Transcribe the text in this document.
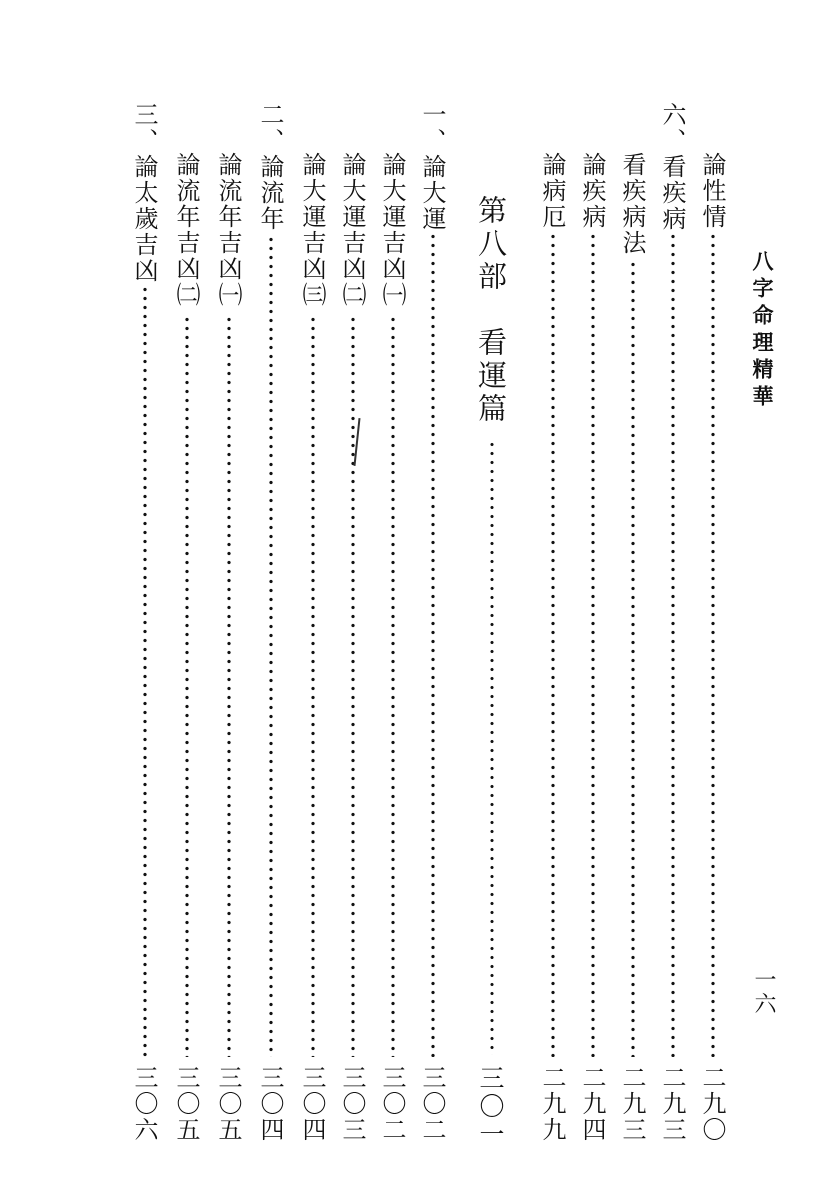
八字命理精華
一六
論性情
二九〇
六、看疾病
二九三
看疾病法
二九三
論疾病
二九四
論病厄
二九九
第八部　看運篇
三〇一
一、論大運
三〇二
論大運吉凶㈠
三〇二
論大運吉凶㈡
三〇三
論大運吉凶㈢
三〇四
二、論流年
三〇四
論流年吉凶㈠
三〇五
論流年吉凶㈡
三〇五
三、論太歲吉凶
三〇六
